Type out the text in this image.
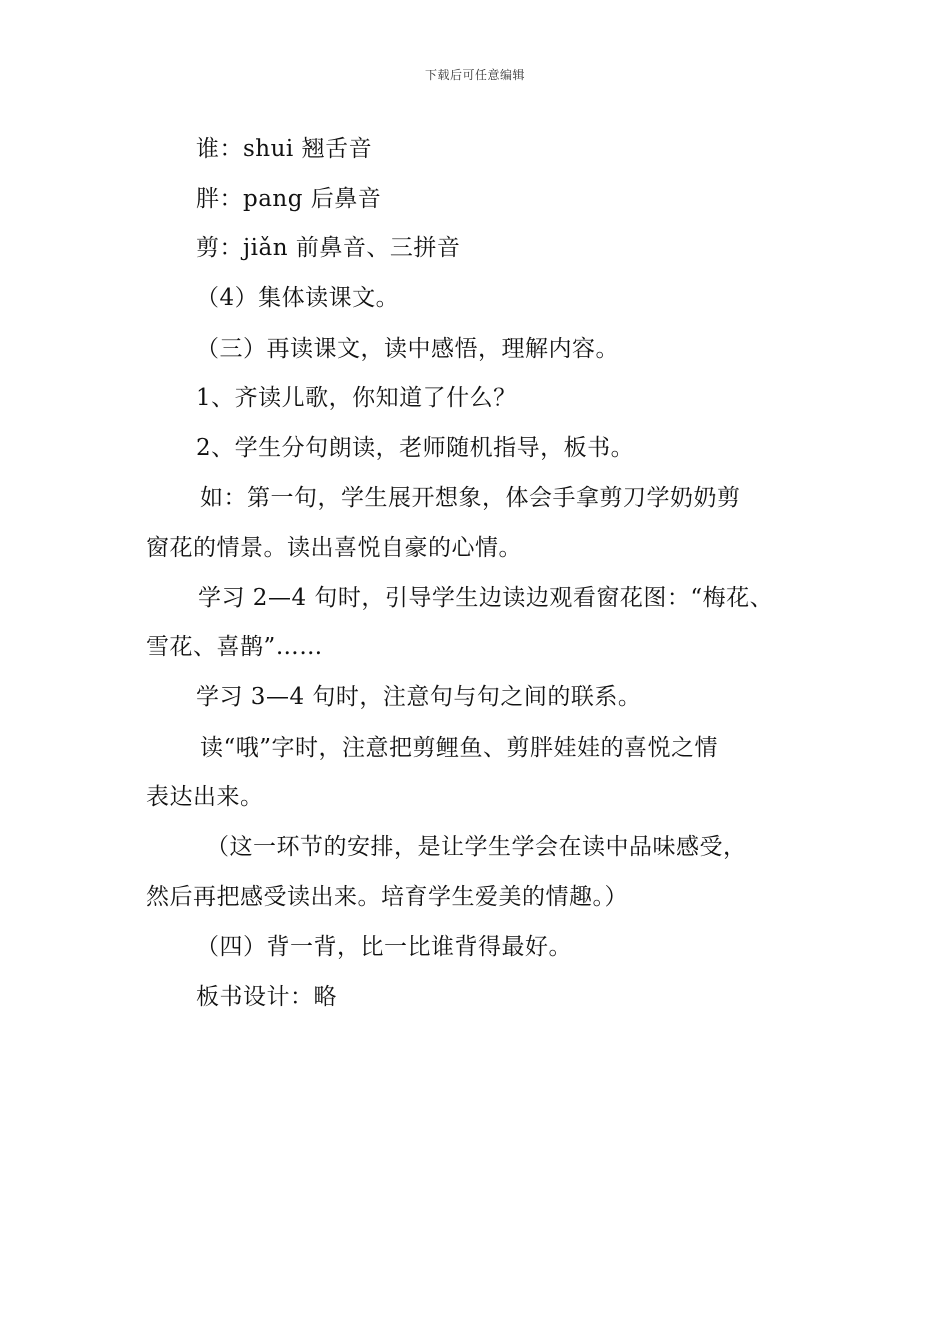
下载后可任意编辑
谁：shui 翘舌音
胖：pang 后鼻音
剪：jiǎn 前鼻音、三拼音
（4）集体读课文。
（三）再读课文，读中感悟，理解内容。
1、齐读儿歌，你知道了什么？
2、学生分句朗读，老师随机指导，板书。
如：第一句，学生展开想象，体会手拿剪刀学奶奶剪
窗花的情景。读出喜悦自豪的心情。
学习 2—4 句时，引导学生边读边观看窗花图：“梅花、
雪花、喜鹊”……
学习 3—4 句时，注意句与句之间的联系。
读“哦”字时，注意把剪鲤鱼、剪胖娃娃的喜悦之情
表达出来。
（这一环节的安排，是让学生学会在读中品味感受，
然后再把感受读出来。培育学生爱美的情趣。）
（四）背一背，比一比谁背得最好。
板书设计：略
